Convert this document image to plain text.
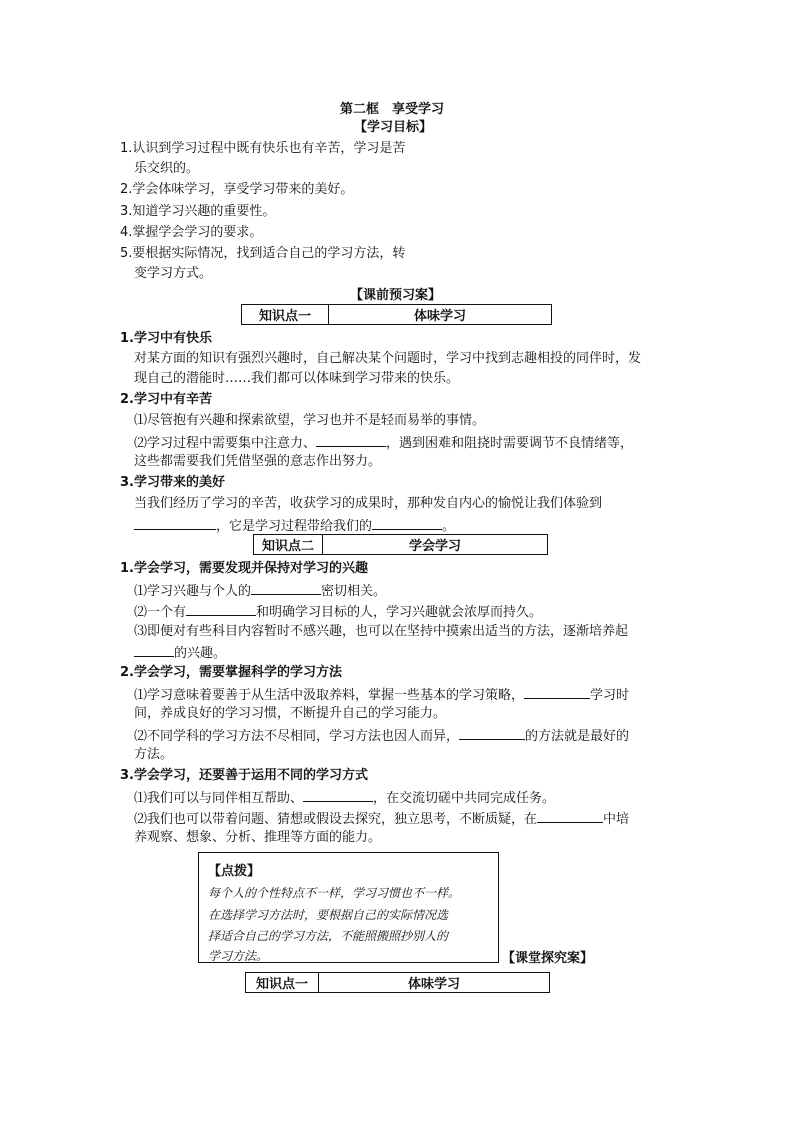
第二框　享受学习
【学习目标】
1.认识到学习过程中既有快乐也有辛苦，学习是苦
乐交织的。
2.学会体味学习，享受学习带来的美好。
3.知道学习兴趣的重要性。
4.掌握学会学习的要求。
5.要根据实际情况，找到适合自己的学习方法，转
变学习方式。
【课前预习案】
知识点一	体味学习
1.学习中有快乐
对某方面的知识有强烈兴趣时，自己解决某个问题时，学习中找到志趣相投的同伴时，发
现自己的潜能时……我们都可以体味到学习带来的快乐。
2.学习中有辛苦
⑴尽管抱有兴趣和探索欲望，学习也并不是轻而易举的事情。
⑵学习过程中需要集中注意力、	，遇到困难和阻挠时需要调节不良情绪等，
这些都需要我们凭借坚强的意志作出努力。
3.学习带来的美好
当我们经历了学习的辛苦，收获学习的成果时，那种发自内心的愉悦让我们体验到
，它是学习过程带给我们的	。
知识点二	学会学习
1.学会学习，需要发现并保持对学习的兴趣
⑴学习兴趣与个人的	密切相关。
⑵一个有	和明确学习目标的人，学习兴趣就会浓厚而持久。
⑶即便对有些科目内容暂时不感兴趣，也可以在坚持中摸索出适当的方法，逐渐培养起
的兴趣。
2.学会学习，需要掌握科学的学习方法
⑴学习意味着要善于从生活中汲取养料，掌握一些基本的学习策略，	学习时
间，养成良好的学习习惯，不断提升自己的学习能力。
⑵不同学科的学习方法不尽相同，学习方法也因人而异，	的方法就是最好的
方法。
3.学会学习，还要善于运用不同的学习方式
⑴我们可以与同伴相互帮助、	，在交流切磋中共同完成任务。
⑵我们也可以带着问题、猜想或假设去探究，独立思考，不断质疑，在	中培
养观察、想象、分析、推理等方面的能力。
【点拨】
每个人的个性特点不一样，学习习惯也不一样。
在选择学习方法时，要根据自己的实际情况选
择适合自己的学习方法，不能照搬照抄别人的
学习方法。	【课堂探究案】
知识点一	体味学习
